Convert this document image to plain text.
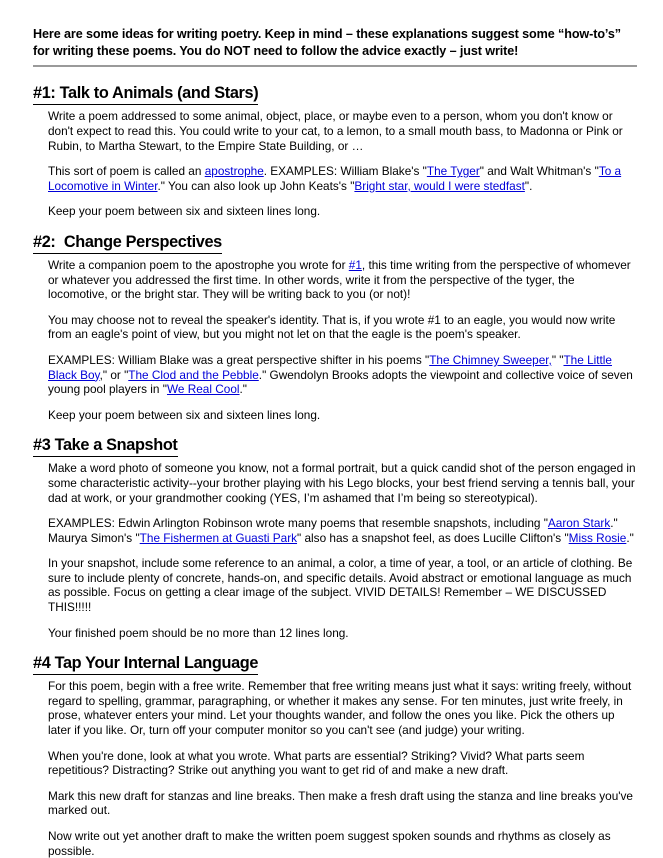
Here are some ideas for writing poetry. Keep in mind – these explanations suggest some “how-to’s” for writing these poems. You do NOT need to follow the advice exactly – just write!

#1: Talk to Animals (and Stars)

Write a poem addressed to some animal, object, place, or maybe even to a person, whom you don't know or don't expect to read this. You could write to your cat, to a lemon, to a small mouth bass, to Madonna or Pink or Rubin, to Martha Stewart, to the Empire State Building, or …

This sort of poem is called an apostrophe. EXAMPLES: William Blake's "The Tyger" and Walt Whitman's "To a Locomotive in Winter." You can also look up John Keats's "Bright star, would I were stedfast".

Keep your poem between six and sixteen lines long.

#2:  Change Perspectives

Write a companion poem to the apostrophe you wrote for #1, this time writing from the perspective of whomever or whatever you addressed the first time. In other words, write it from the perspective of the tyger, the locomotive, or the bright star. They will be writing back to you (or not)!

You may choose not to reveal the speaker's identity. That is, if you wrote #1 to an eagle, you would now write from an eagle's point of view, but you might not let on that the eagle is the poem's speaker.

EXAMPLES: William Blake was a great perspective shifter in his poems "The Chimney Sweeper," "The Little Black Boy," or "The Clod and the Pebble." Gwendolyn Brooks adopts the viewpoint and collective voice of seven young pool players in "We Real Cool."

Keep your poem between six and sixteen lines long.

#3 Take a Snapshot

Make a word photo of someone you know, not a formal portrait, but a quick candid shot of the person engaged in some characteristic activity--your brother playing with his Lego blocks, your best friend serving a tennis ball, your dad at work, or your grandmother cooking (YES, I’m ashamed that I’m being so stereotypical).

EXAMPLES: Edwin Arlington Robinson wrote many poems that resemble snapshots, including "Aaron Stark." Maurya Simon's "The Fishermen at Guasti Park" also has a snapshot feel, as does Lucille Clifton's "Miss Rosie."

In your snapshot, include some reference to an animal, a color, a time of year, a tool, or an article of clothing. Be sure to include plenty of concrete, hands-on, and specific details. Avoid abstract or emotional language as much as possible. Focus on getting a clear image of the subject. VIVID DETAILS! Remember – WE DISCUSSED THIS!!!!!

Your finished poem should be no more than 12 lines long.

#4 Tap Your Internal Language

For this poem, begin with a free write. Remember that free writing means just what it says: writing freely, without regard to spelling, grammar, paragraphing, or whether it makes any sense. For ten minutes, just write freely, in prose, whatever enters your mind. Let your thoughts wander, and follow the ones you like. Pick the others up later if you like. Or, turn off your computer monitor so you can't see (and judge) your writing.

When you're done, look at what you wrote. What parts are essential? Striking? Vivid? What parts seem repetitious? Distracting? Strike out anything you want to get rid of and make a new draft.

Mark this new draft for stanzas and line breaks. Then make a fresh draft using the stanza and line breaks you've marked out.

Now write out yet another draft to make the written poem suggest spoken sounds and rhythms as closely as possible.
